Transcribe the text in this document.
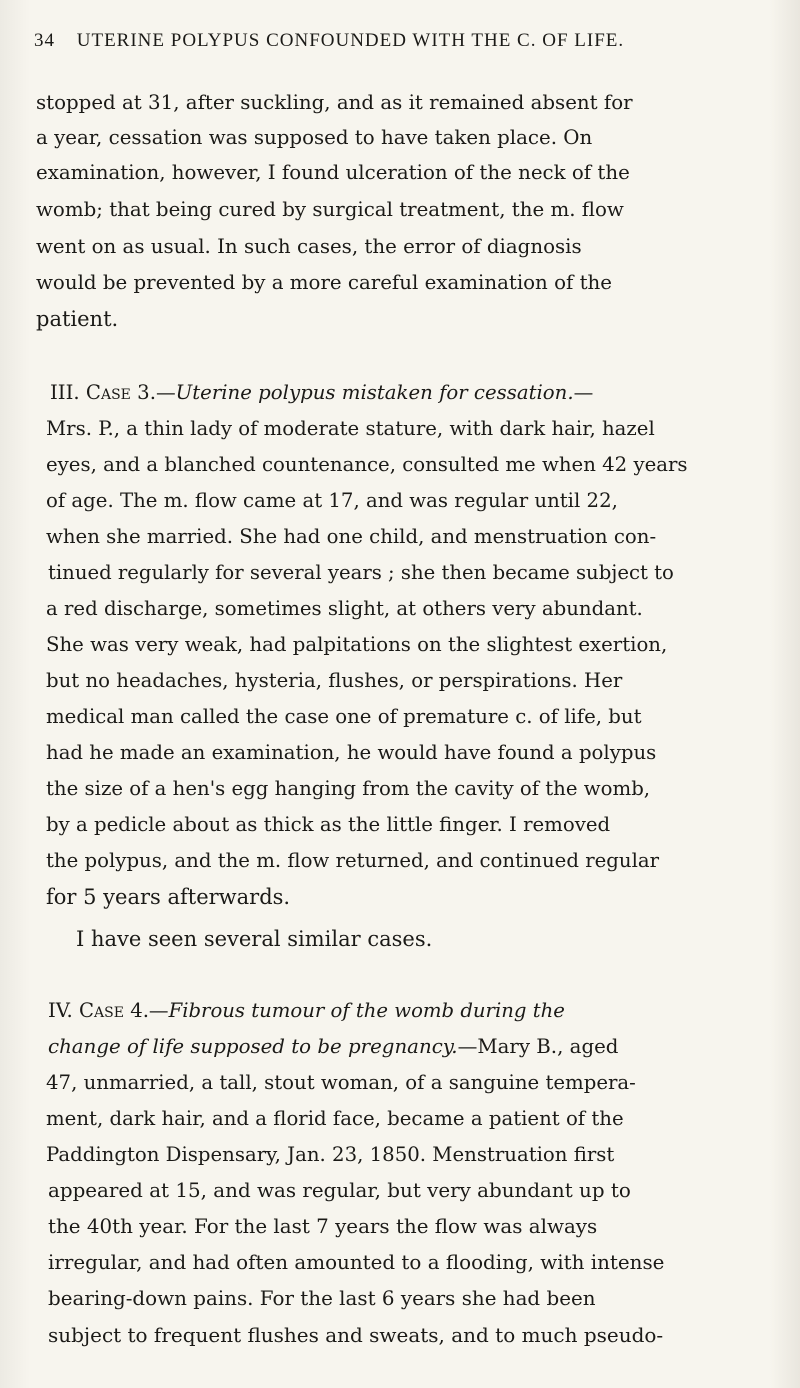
34 UTERINE POLYPUS CONFOUNDED WITH THE C. OF LIFE.
stopped at 31, after suckling, and as it remained absent for
a year, cessation was supposed to have taken place. On
examination, however, I found ulceration of the neck of the
womb; that being cured by surgical treatment, the m. flow
went on as usual. In such cases, the error of diagnosis
would be prevented by a more careful examination of the
patient.
III. Case 3.—Uterine polypus mistaken for cessation.—
Mrs. P., a thin lady of moderate stature, with dark hair, hazel
eyes, and a blanched countenance, consulted me when 42 years
of age. The m. flow came at 17, and was regular until 22,
when she married. She had one child, and menstruation con-
tinued regularly for several years ; she then became subject to
a red discharge, sometimes slight, at others very abundant.
She was very weak, had palpitations on the slightest exertion,
but no headaches, hysteria, flushes, or perspirations. Her
medical man called the case one of premature c. of life, but
had he made an examination, he would have found a polypus
the size of a hen's egg hanging from the cavity of the womb,
by a pedicle about as thick as the little finger. I removed
the polypus, and the m. flow returned, and continued regular
for 5 years afterwards.
I have seen several similar cases.
IV. Case 4.—Fibrous tumour of the womb during the
change of life supposed to be pregnancy.—Mary B., aged
47, unmarried, a tall, stout woman, of a sanguine tempera-
ment, dark hair, and a florid face, became a patient of the
Paddington Dispensary, Jan. 23, 1850. Menstruation first
appeared at 15, and was regular, but very abundant up to
the 40th year. For the last 7 years the flow was always
irregular, and had often amounted to a flooding, with intense
bearing-down pains. For the last 6 years she had been
subject to frequent flushes and sweats, and to much pseudo-
